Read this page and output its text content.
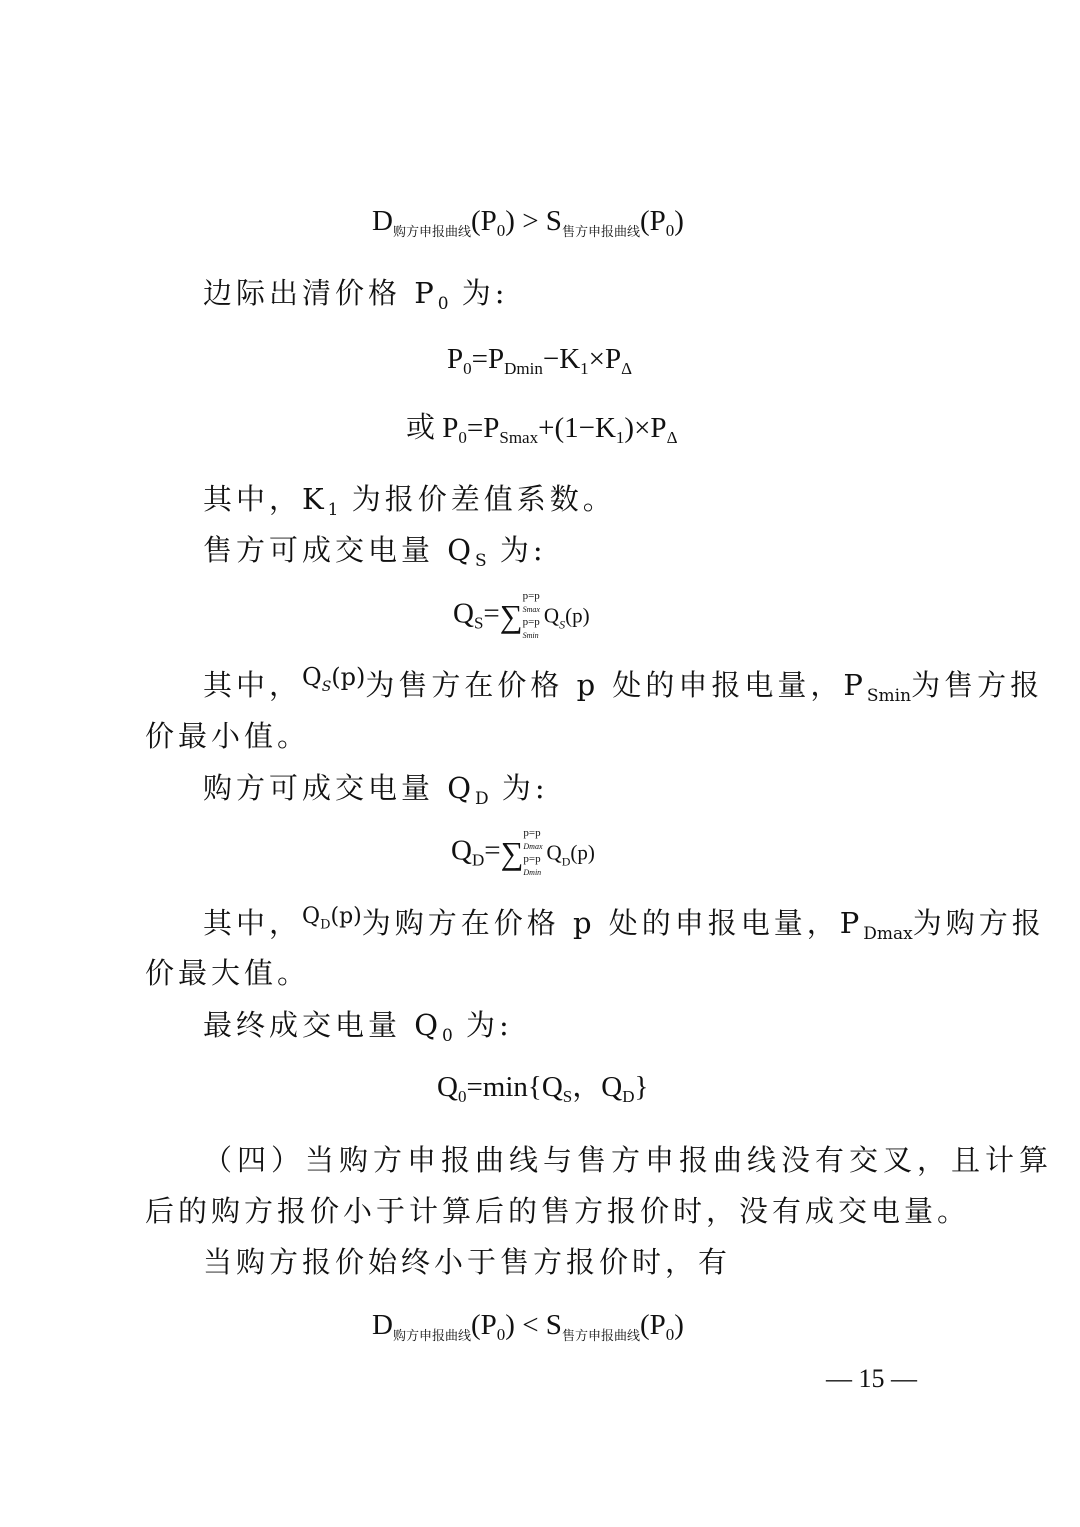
$D_{购方申报曲线}(P_0) > S_{售方申报曲线}(P_0)$
边际出清价格 $P_0$ 为:
$P_0=P_{Dmin}-K_1\times P_\Delta$
或 $P_0=P_{Smax}+(1-K_1)\times P_\Delta$
其中，$K_1$ 为报价差值系数。
售方可成交电量 $Q_S$ 为:
$Q_S=\sum$
p=p
Smax
p=p
Smin
$Q_S(p)$
其中，$^{Q_S(p)}$为售方在价格 p 处的申报电量，$P_{Smin}$为售方报
价最小值。
购方可成交电量 $Q_D$ 为:
$Q_D=\sum$
p=p
Dmax
p=p
Dmin
$Q_D(p)$
其中，$^{Q_D(p)}$为购方在价格 p 处的申报电量，$P_{Dmax}$为购方报
价最大值。
最终成交电量 $Q_0$ 为:
$Q_0=\min\{Q_S$，$Q_D$}
（四）当购方申报曲线与售方申报曲线没有交叉，且计算
后的购方报价小于计算后的售方报价时，没有成交电量。
当购方报价始终小于售方报价时，有
$D_{购方申报曲线}(P_0) < S_{售方申报曲线}(P_0)$
— 15 —
